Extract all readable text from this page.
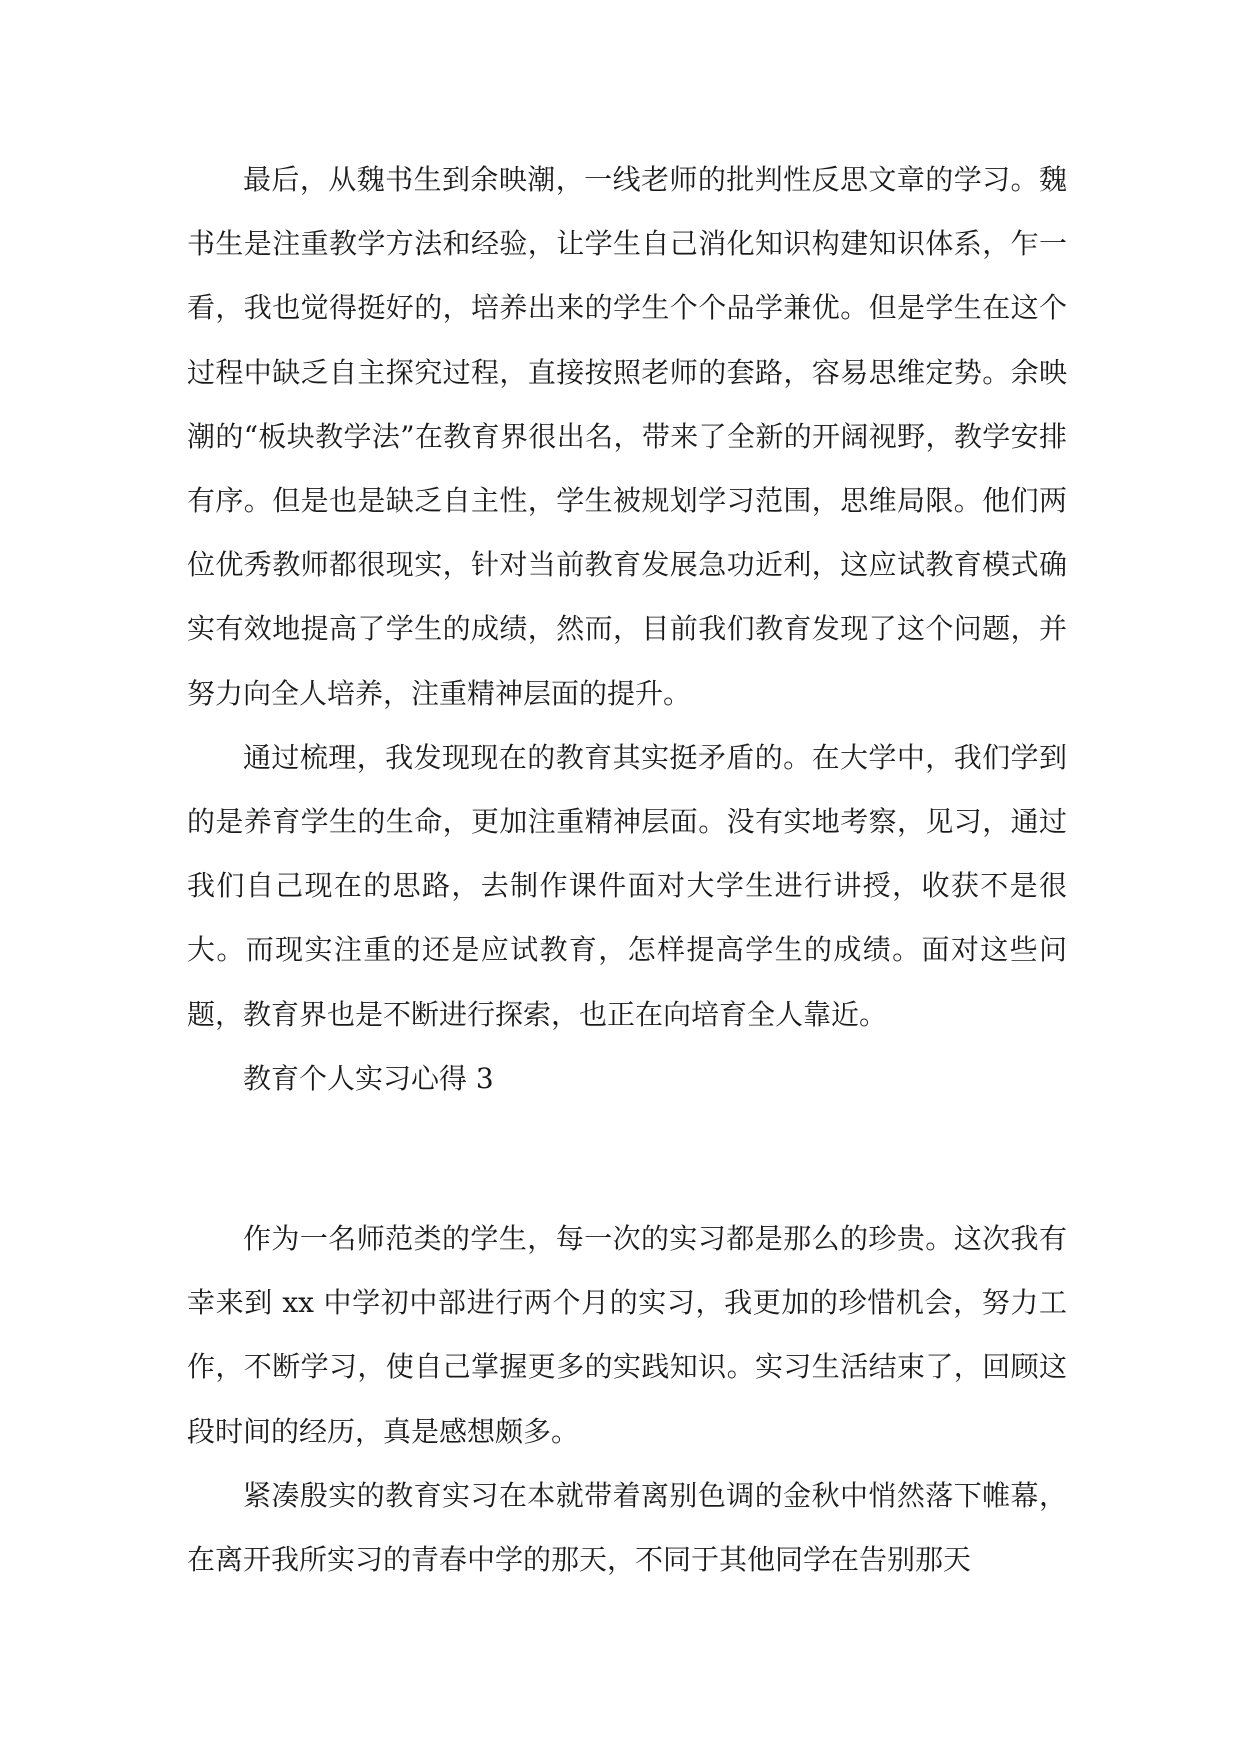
最后，从魏书生到余映潮，一线老师的批判性反思文章的学习。魏书生是注重教学方法和经验，让学生自己消化知识构建知识体系，乍一看，我也觉得挺好的，培养出来的学生个个品学兼优。但是学生在这个过程中缺乏自主探究过程，直接按照老师的套路，容易思维定势。余映潮的“板块教学法”在教育界很出名，带来了全新的开阔视野，教学安排有序。但是也是缺乏自主性，学生被规划学习范围，思维局限。他们两位优秀教师都很现实，针对当前教育发展急功近利，这应试教育模式确实有效地提高了学生的成绩，然而，目前我们教育发现了这个问题，并努力向全人培养，注重精神层面的提升。

通过梳理，我发现现在的教育其实挺矛盾的。在大学中，我们学到的是养育学生的生命，更加注重精神层面。没有实地考察，见习，通过我们自己现在的思路，去制作课件面对大学生进行讲授，收获不是很大。而现实注重的还是应试教育，怎样提高学生的成绩。面对这些问题，教育界也是不断进行探索，也正在向培育全人靠近。

教育个人实习心得 3

作为一名师范类的学生，每一次的实习都是那么的珍贵。这次我有幸来到 xx 中学初中部进行两个月的实习，我更加的珍惜机会，努力工作，不断学习，使自己掌握更多的实践知识。实习生活结束了，回顾这段时间的经历，真是感想颇多。

紧凑殷实的教育实习在本就带着离别色调的金秋中悄然落下帷幕，在离开我所实习的青春中学的那天，不同于其他同学在告别那天
